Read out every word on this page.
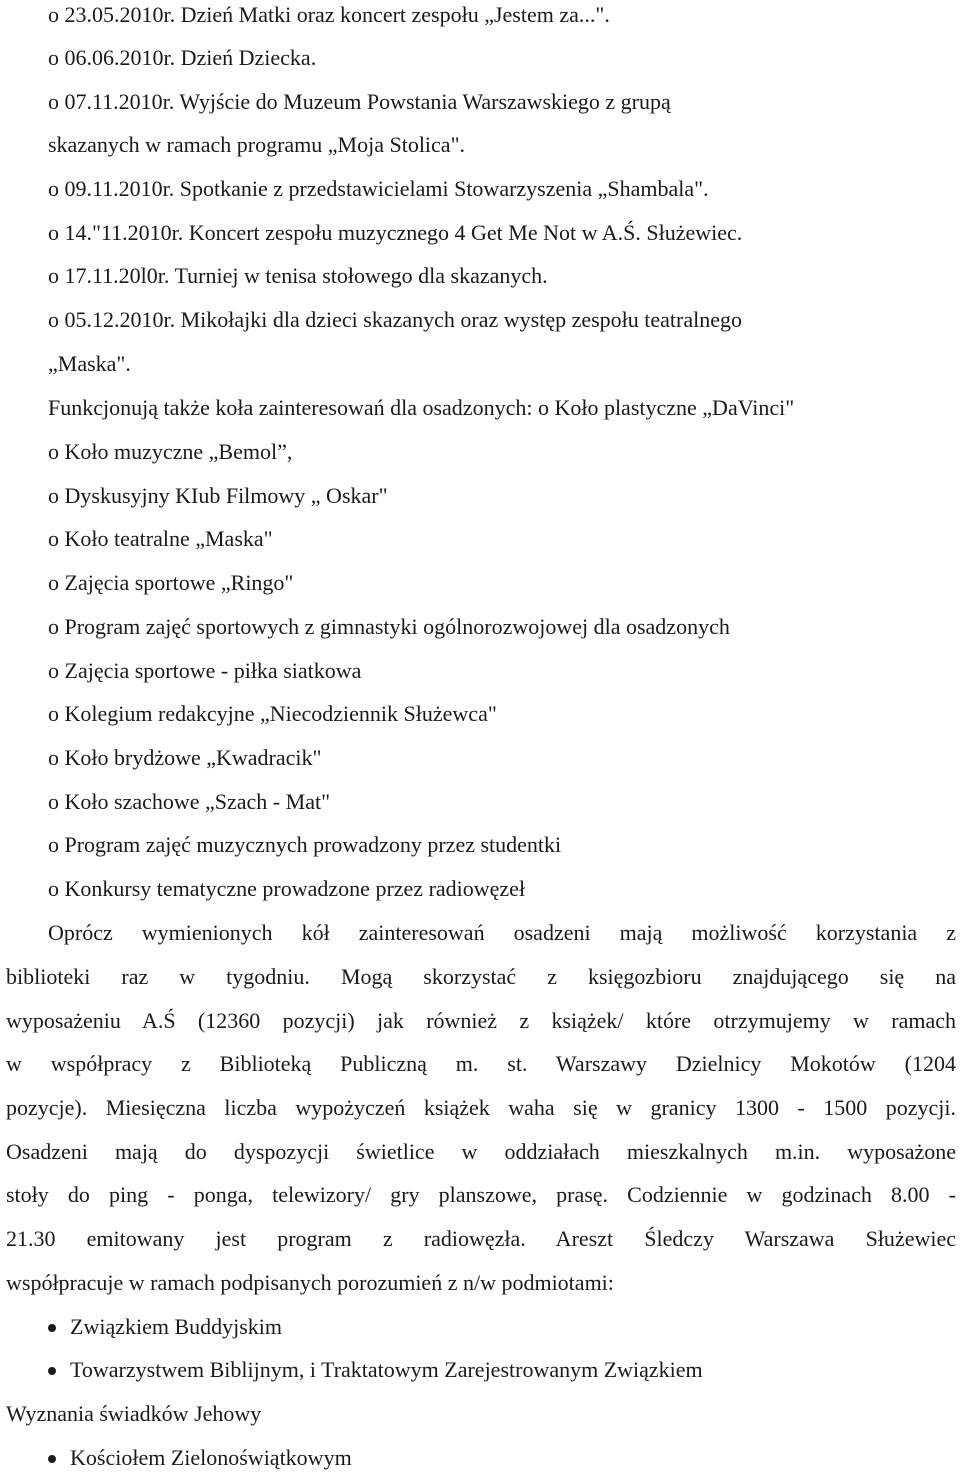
o 23.05.2010r. Dzień Matki oraz koncert zespołu „Jestem za...".
o 06.06.2010r. Dzień Dziecka.
o 07.11.2010r. Wyjście do Muzeum Powstania Warszawskiego z grupą
skazanych w ramach programu „Moja Stolica".
o 09.11.2010r. Spotkanie z przedstawicielami Stowarzyszenia „Shambala".
o 14."11.2010r. Koncert zespołu muzycznego 4 Get Me Not w A.Ś. Służewiec.
o 17.11.20l0r. Turniej w tenisa stołowego dla skazanych.
o 05.12.2010r. Mikołajki dla dzieci skazanych oraz występ zespołu teatralnego
„Maska".
Funkcjonują także koła zainteresowań dla osadzonych: o Koło plastyczne „DaVinci"
o Koło muzyczne „Bemol”,
o Dyskusyjny KIub Filmowy „ Oskar"
o Koło teatralne „Maska"
o Zajęcia sportowe „Ringo"
o Program zajęć sportowych z gimnastyki ogólnorozwojowej dla osadzonych
o Zajęcia sportowe - piłka siatkowa
o Kolegium redakcyjne „Niecodziennik Służewca"
o Koło brydżowe „Kwadracik"
o Koło szachowe „Szach - Mat"
o Program zajęć muzycznych prowadzony przez studentki
o Konkursy tematyczne prowadzone przez radiowęzeł
Oprócz wymienionych kół zainteresowań osadzeni mają możliwość korzystania z
biblioteki raz w tygodniu. Mogą skorzystać z księgozbioru znajdującego się na
wyposażeniu A.Ś (12360 pozycji) jak również z książek/ które otrzymujemy w ramach
w współpracy z Biblioteką Publiczną m. st. Warszawy Dzielnicy Mokotów (1204
pozycje). Miesięczna liczba wypożyczeń książek waha się w granicy 1300 - 1500 pozycji.
Osadzeni mają do dyspozycji świetlice w oddziałach mieszkalnych m.in. wyposażone
stoły do ping - ponga, telewizory/ gry planszowe, prasę. Codziennie w godzinach 8.00 -
21.30 emitowany jest program z radiowęzła. Areszt Śledczy Warszawa Służewiec
współpracuje w ramach podpisanych porozumień z n/w podmiotami:
Związkiem Buddyjskim
Towarzystwem Biblijnym, i Traktatowym Zarejestrowanym Związkiem
Wyznania świadków Jehowy
Kościołem Zielonoświątkowym
